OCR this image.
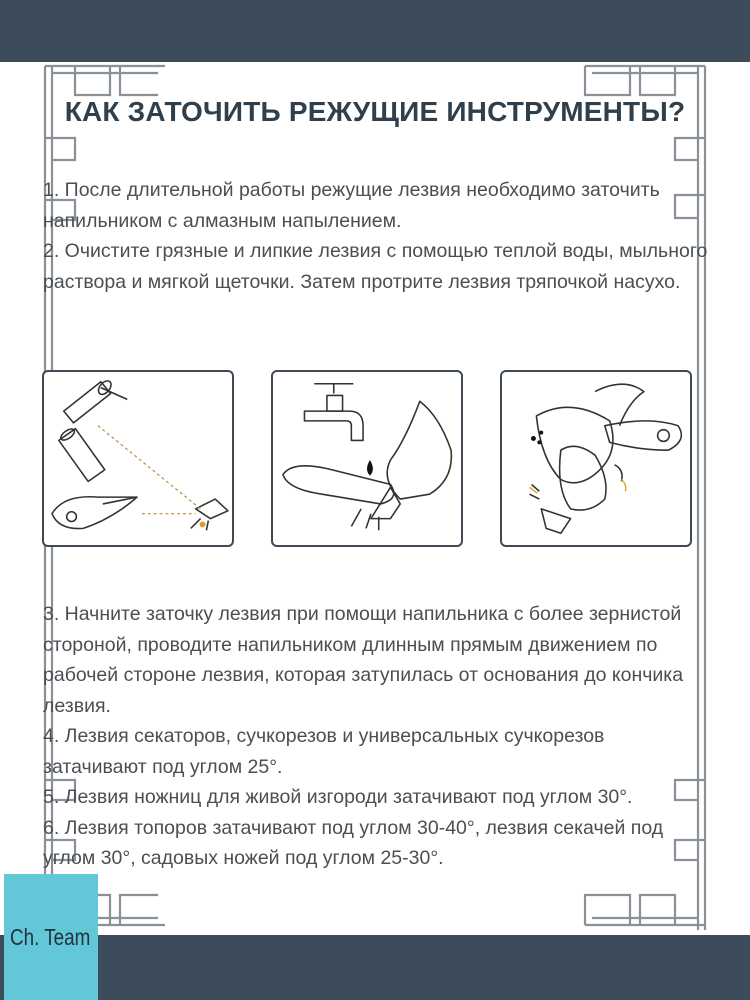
КАК ЗАТОЧИТЬ РЕЖУЩИЕ ИНСТРУМЕНТЫ?

1. После длительной работы режущие лезвия необходимо заточить напильником с алмазным напылением.

2. Очистите грязные и липкие лезвия с помощью теплой воды, мыльного раствора и мягкой щеточки. Затем протрите лезвия тряпочкой насухо.

3. Начните заточку лезвия при помощи напильника с более зернистой стороной, проводите напильником длинным прямым движением по рабочей стороне лезвия, которая затупилась от основания до кончика лезвия.

4. Лезвия секаторов, сучкорезов и универсальных сучкорезов затачивают под углом 25°.

5. Лезвия ножниц для живой изгороди затачивают под углом 30°.

6. Лезвия топоров затачивают под углом 30-40°, лезвия секачей под углом 30°, садовых ножей под углом 25-30°.

Ch. Team
